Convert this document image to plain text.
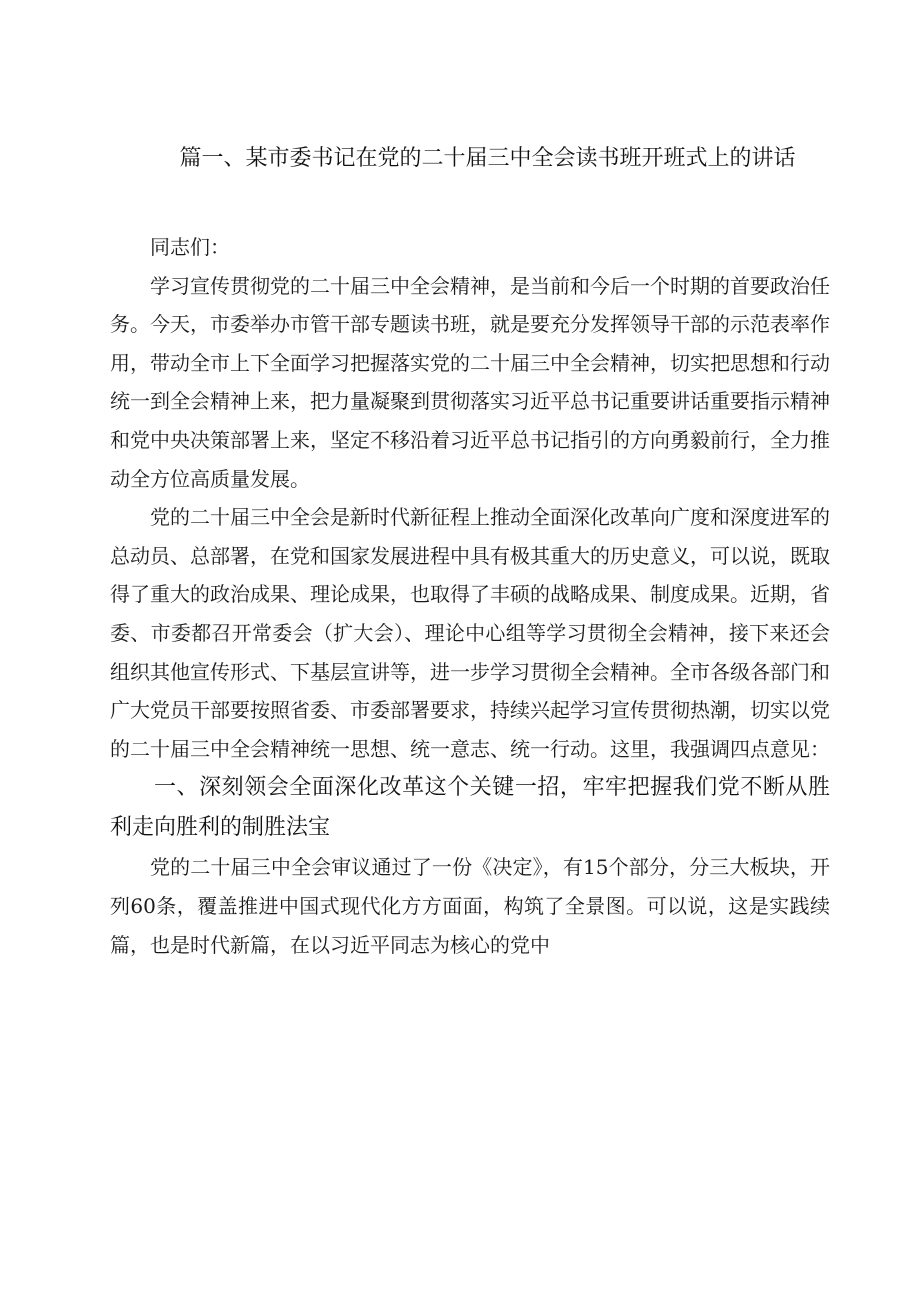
篇一、某市委书记在党的二十届三中全会读书班开班式上的讲话

同志们：

学习宣传贯彻党的二十届三中全会精神，是当前和今后一个时期的首要政治任务。今天，市委举办市管干部专题读书班，就是要充分发挥领导干部的示范表率作用，带动全市上下全面学习把握落实党的二十届三中全会精神，切实把思想和行动统一到全会精神上来，把力量凝聚到贯彻落实习近平总书记重要讲话重要指示精神和党中央决策部署上来，坚定不移沿着习近平总书记指引的方向勇毅前行，全力推动全方位高质量发展。

党的二十届三中全会是新时代新征程上推动全面深化改革向广度和深度进军的总动员、总部署，在党和国家发展进程中具有极其重大的历史意义，可以说，既取得了重大的政治成果、理论成果，也取得了丰硕的战略成果、制度成果。近期，省委、市委都召开常委会（扩大会）、理论中心组等学习贯彻全会精神，接下来还会组织其他宣传形式、下基层宣讲等，进一步学习贯彻全会精神。全市各级各部门和广大党员干部要按照省委、市委部署要求，持续兴起学习宣传贯彻热潮，切实以党的二十届三中全会精神统一思想、统一意志、统一行动。这里，我强调四点意见：

一、深刻领会全面深化改革这个关键一招，牢牢把握我们党不断从胜利走向胜利的制胜法宝

党的二十届三中全会审议通过了一份《决定》，有15个部分，分三大板块，开列60条，覆盖推进中国式现代化方方面面，构筑了全景图。可以说，这是实践续篇，也是时代新篇，在以习近平同志为核心的党中
